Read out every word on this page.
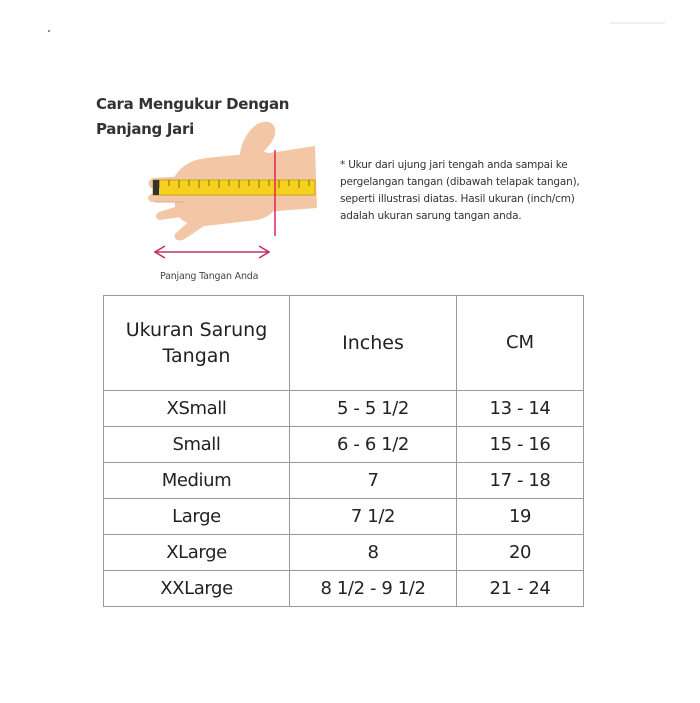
Cara Mengukur Dengan
Panjang Jari
* Ukur dari ujung jari tengah anda sampai ke
pergelangan tangan (dibawah telapak tangan),
seperti illustrasi diatas. Hasil ukuran (inch/cm)
adalah ukuran sarung tangan anda.
Panjang Tangan Anda
Ukuran Sarung
Tangan	Inches	CM
XSmall	5 - 5 1/2	13 - 14
Small	6 - 6 1/2	15 - 16
Medium	7	17 - 18
Large	7 1/2	19
XLarge	8	20
XXLarge	8 1/2 - 9 1/2	21 - 24
